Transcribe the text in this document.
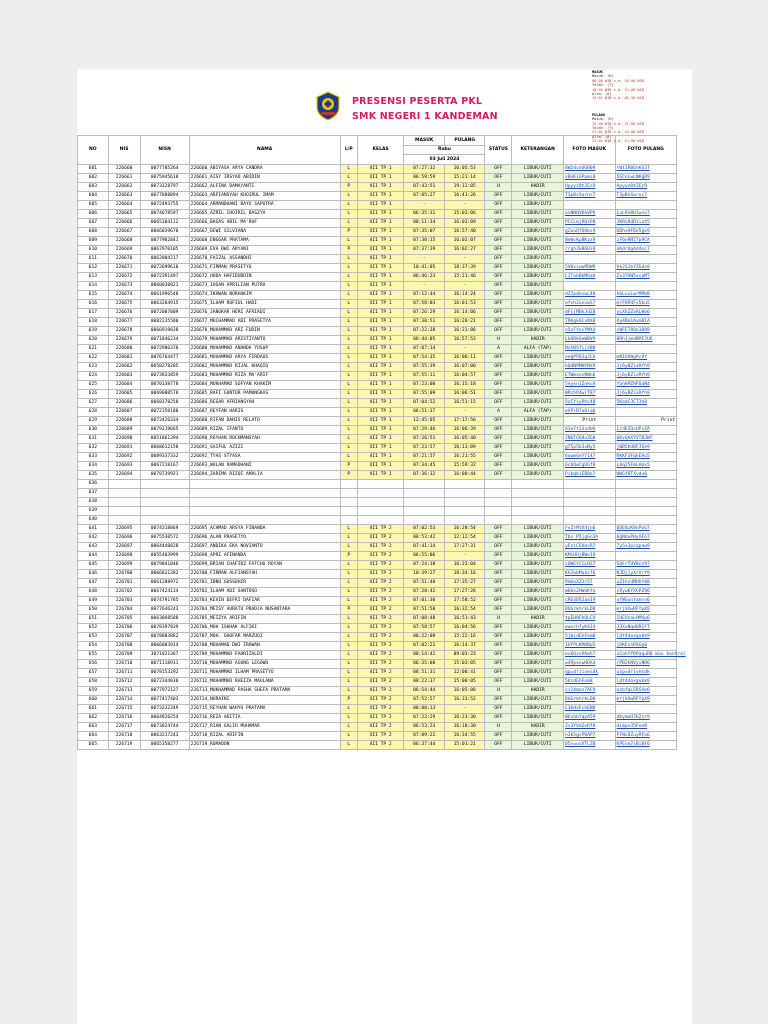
PRESENSI PESERTA PKL
SMK NEGERI 1 KANDEMAN
NO	NIS	NISN	NAMA	L/P	KELAS	MASUK	PULANG	STATUS	KETERANGAN	FOTO MASUK	FOTO PULANG
						Rabu					
						03 Juli 2024					
601	226660	0077785264	226660_ABIYASA ARYA CANDRA	L	XII TP 1	07:27:32	16:05:53	OFF	LIBUR/CUTI	8W2dceUGH09	rWt1R0GnKS3T
602	226661	0075945618	226661_AISY IRSYAD ABIDIN	L	XII TP 1	06:59:59	15:21:14	OFF	LIBUR/CUTI	xBeKi6Ppms0	5GCnLwLNKgR9
603	226662	0073328797	226662_ALFINA DAMAYANTI	P	XII TP 1	07:43:51	19:12:05	H	HADIR	Hpyyz8t2Ec9	Hpyyz8t2Ec9
604	226663	0077888894	226663_ARFIANSYAH KHOIRUL IMAM	L	XII TP 1	07:05:27	16:41:26	OFF	LIBUR/CUTI	T3pBzSornc7	T3pBzSornc7
605	226664	0072493755	226664_ARMANDHANI BAYU SAPUTRA	L	XII TP 1	-	-	OFF	LIBUR/CUTI		
606	226665	0074678597	226665_AZRIL CHOIRIL BASZYA	L	XII TP 1	06:35:31	15:03:06	OFF	LIBUR/CUTI	xvNNQVDkVP9	LuLRnBU1wvo7
607	226666	0065384112	226666_BAGAS ABIL MA'RUF	L	XII TP 1	08:11:34	16:03:09	OFF	LIBUR/CUTI	PCCLmjRQsP8	JKRsRdD1iut5
608	226667	0066039670	226667_DEWI SILVIANA	P	XII TP 1	07:35:07	16:57:40	OFF	LIBUR/CUTI	gZuuQfQUbs9	DDhvHFBe5gv9
609	226668	0077902841	226668_ENGGAR PRATAMA	L	XII TP 1	07:30:15	16:02:07	OFF	LIBUR/CUTI	WeWcKpBKzx9	zF6nRM27p9CA
610	226669	0067970105	226669_EVA DWI ARYANI	P	XII TP 1	07:37:39	16:02:27	OFF	LIBUR/CUTI	rrghJkBGHi8	nKdrUgAd4nc7
611	226670	0062004217	226670_FAIZAL ASSANDHI	L	XII TP 1	-	-	OFF	LIBUR/CUTI		
612	226671	0072699610	226671_FIRMAN PRASETYO	L	XII TP 1	10:41:05	18:37:39	OFF	LIBUR/CUTI	5V6xiwwPDW9	Vk2S1bfZGdz8
613	226672	0072391497	226672_HUDA HAFIDUDDIN	L	XII TP 1	06:46:23	15:21:46	OFF	LIBUR/CUTI	LJTobBbMGaA	Zx37UW5vsaM7
614	226673	0060038821	226673_IHSAN APRILIAN PUTRA	L	XII TP 1	-	-	OFF	LIBUR/CUTI		
615	226674	0061996540	226674_IKHWAN NORHAKIM	L	XII TP 1	07:12:44	16:14:24	OFF	LIBUR/CUTI	dZ2pdocwL48	hbLuuiwrMRU8
616	226675	0063264915	226675_ILHAM ROFIUL HADI	L	XII TP 1	07:58:03	16:01:53	OFF	LIBUR/CUTI	afvh2uxxwS7	mrF894Fx5bu5
617	226676	0072007009	226676_JANGKAR HERI AFRIADI	L	XII TP 1	07:26:29	16:14:06	OFF	LIBUR/CUTI	dFcjMBkJd28	yLXhZZoALWo6
618	226677	0082235580	226677_MOCHAMMAD ADI PRASETYA	L	XII TP 1	07:30:51	16:20:21	OFF	LIBUR/CUTI	TRKgk6CvNX8	Xu4Rm1AxmB1A
619	226678	0066919838	226678_MUHAMMAD ARI FUDIN	L	XII TP 1	07:22:38	16:21:06	OFF	LIBUR/CUTI	e5zFYeiYMX4	cWFF78Qo1B89
620	226679	0071846234	226679_MUHAMMAD ARISTIYANTO	L	XII TP 1	06:44:05	16:57:53	H	HADIR	LbARkGeWBV9	BRh1jmdBMFJU6
621	226680	0072986370	226680_MUHAMMAD ANANDA YUSUP	L	XII TP 1	07:07:14	-	A	ALFA (TAP)	NzhBSfijzB8	
622	226681	0076764477	226681_MUHAMMAD ARYA FIRDAUS	L	XII TP 1	07:54:35	16:06:11	OFF	LIBUR/CUTI	eeqPF8JqJCA	mN1bhWgAc8Y
623	226682	0058278205	226682_MUHAMMAD RIJAL KHAQIQ	L	XII TP 1	07:55:39	16:07:00	OFF	LIBUR/CUTI	bQdN9MHFNX9	Jj6yBZixRfh9
624	226683	0073833859	226683_MUHAMMAD RIZA MA'ARIF	L	XII TP 1	07:55:11	16:04:57	OFF	LIBUR/CUTI	ETWmxxsNNn6	Jj6yBZixRfh9
625	226684	0070138778	226684_MUKHAMAD SOFYAN KHAKIM	L	XII TP 1	07:23:00	16:15:18	OFF	LIBUR/CUTI	5eyxn1ZnkcA	YonkMZHFQaN4
626	226685	0069080578	226685_RAFI GUNTUR PAMUNGKAS	L	XII TP 1	07:55:09	16:06:51	OFF	LIBUR/CUTI	WRzhP4wiT87	Jj6yBZixRfh9
627	226686	0068378258	226686_REGAR AFRIANSYAH	L	XII TP 1	07:04:52	16:51:15	OFF	LIBUR/CUTI	5xCYiyPhc48	5KodC3CT3h8
628	226687	0072150180	226687_REYFAN HARIS	L	XII TP 1	06:51:37	-	A	ALFA (TAP)	eVPiB7a6iqb	
629	226688	0073426334	226688_RIFAN DANIS RELATO	L	XII TP 1	12:45:05	17:17:56	OFF	LIBUR/CUTI	Print	Print
630	226689	0079219665	226689_RIZAL IFANTO	L	XII TP 1	07:29:46	16:06:39	OFF	LIBUR/CUTI	X1e7t33sdUA	IrdEZQcUPsZA
631	226690	0051861394	226690_ROYHAN ROCHMANSYAH	L	XII TP 1	07:26:51	16:05:40	OFF	LIBUR/CUTI	JN6TGG9vZG8	bKvQAXYVTBJW7
632	226691	0068612158	226691_SAIFUL AZIZI	L	XII TP 1	07:23:57	16:13:09	OFF	LIBUR/CUTI	g75p5b3uNy5	jWB5hUBFJGk9
633	226692	0089337332	226692_TYAS STYASA	L	XII TP 1	07:21:57	16:21:55	OFF	LIBUR/CUTI	6uwmGeYY147	RKKF3FqhEAu5
634	226693	0067218167	226693_WULAN RAMADHANI	P	XII TP 1	07:34:45	15:59:32	OFF	LIBUR/CUTI	6cbQwCgUGf8	L8q25FmLAUx5
635	226694	0078739921	226694_ZARIMA RIZQI AMALIA	P	XII TP 1	07:36:32	16:00:44	OFF	LIBUR/CUTI	PibqkiEBQo7	WWGfBTXvdx6
636											
637											
638											
639											
640											
641	226695	0074318869	226695_ACHMAD ARSYA FINANDA	L	XII TP 2	07:02:53	16:28:54	OFF	LIBUR/CUTI	FvZrMtX4jn6	bDE8zK8nPoG7
642	226696	0075530572	226696_ALAN PRASETYO	L	XII TP 2	08:53:42	12:12:54	OFF	LIBUR/CUTI	Tbs P5jgGn3A	6qNduPUyXFo7
643	226697	0064440828	226697_ANDIKA EKA NOVIANTO	L	XII TP 2	07:41:14	17:27:31	OFF	LIBUR/CUTI	yFziCEHacR7	7y5s3pcqpaw9
644	226698	0055403999	226698_APRI AFINANDA	P	XII TP 2	06:55:06	-	OFF	LIBUR/CUTI	KMiUUjBWx19	
645	226699	0079841046	226699_BRIAN CHAFIDZ FATCHU ROYAN	L	XII TP 2	07:24:18	16:23:04	OFF	LIBUR/CUTI	sUWEYCCLRZ7	SQFrTUVBcz97
646	226700	0066831382	226700_FIRMAN ALFIANSYAH	L	XII TP 2	10:39:27	18:34:16	OFF	LIBUR/CUTI	Kh2wbMuasf6	NJDjjyXrVrY9
647	226701	0061288972	226701_IBNU GUSSOHIR	L	XII TP 2	07:51:48	17:35:27	OFF	LIBUR/CUTI	9mUaXZ1r57	uZ1hcdMHht88
648	226702	0067424134	226702_ILHAM ADI SANTOSO	L	XII TP 2	07:28:42	17:27:26	OFF	LIBUR/CUTI	m6be2HWaKfo	c9yw6YXGPZ96
649	226703	0074791785	226703_KEVIN DEFRI DAFIAR	L	XII TP 2	07:01:30	17:58:52	OFF	LIBUR/CUTI	cR63DS2ao19	xfWGunYamrn6
650	226704	0077646243	226704_MEISY AURATU PRADJA NUSANTARA	P	XII TP 2	07:51:50	16:32:54	OFF	LIBUR/CUTI	DUGrkhrkLD8	mrjVXwRFYpX9
651	226705	0063868508	226705_MEIZYA ARIFIN	L	XII TP 2	07:08:48	16:51:43	H	HADIR	tpEH8FhQLC9	IHEUsoLHMXp6
652	226706	0078397839	226706_MOH ISKHAK ALFIKI	L	XII TP 2	07:58:57	16:04:56	OFF	LIBUR/CUTI	ewerh7yK4J4	33XvNqdQRCF7
653	226707	0078883882	226707_MOH. GHOFAR MARZUQI	L	XII TP 2	08:22:08	15:22:16	OFF	LIBUR/CUTI	5jbidEhFom8	ldf44oxgubk9
654	226708	0066083914	226708_MOHAMAD DWI IRAWAN	L	XII TP 2	07:02:21	16:14:37	OFF	LIBUR/CUTI	1UfPLKMUBp5	jDKEcoRXGp8
655	226709	3071021367	226709_MOHAMMAD FAHRIZALDI	L	XII TP 2	08:14:42	09:03:23	OFF	LIBUR/CUTI	es6QzvPAoh7	uCohYYDPaquR8 mau kontrol
656	226710	0071118911	226710_MOHAMMAD AGUNG LEGOWO	L	XII TP 2	06:35:08	15:03:05	OFF	LIBUR/CUTI	w49pxxwHDX4	rPB2kNVyiNR6
657	226711	0078153292	226711_MOHAMMAD ILHAM PRASETYO	L	XII TP 2	08:51:31	12:08:41	OFF	LIBUR/CUTI	qp=driivesdk	usp=drivesdk
658	226712	0072344030	226712_MOHAMMAD RHEIZA MAULANA	L	XII TP 2	08:22:37	15:00:05	OFF	LIBUR/CUTI	5bidEhFom8	ldf44oxgubk9
659	226713	0077972137	226713_MUKHAMMAD PASHA SHEFA PRATAMA	L	XII TP 2	06:54:44	16:05:08	H	HADIR	ci24mez7AF9	ozbfqLSRS4e6
660	226714	0077417403	226714_NURAINI	P	XII TP 2	07:52:57	16:33:52	OFF	LIBUR/CUTI	DUGrkhrkLD8	mrjVXwRFYpX9
661	226715	0073232349	226715_REYHAN WAHYU PRATAMA	L	XII TP 2	08:00:13	-	OFF	LIBUR/CUTI	C3bdvFchEN8	
662	226716	0064826254	226716_REZA ADITIA	L	XII TP 2	07:23:29	16:23:30	OFF	LIBUR/CUTI	W6sbbYqpA59	dbymoH7b2zr9
663	226717	0073824744	226717_RIAN GALIH MUHAMAR	L	XII TP 2	06:53:23	16:18:30	H	HADIR	Zv3YVm2eRf8	dLmpv35Fee8
664	226718	0063217243	226718_RIZAL ARIFIN	L	XII TP 2	07:09:22	16:34:55	OFF	LIBUR/CUTI	n3k5gcP6AP7	FFNs8ZuyRFo6
665	226719	0065358277	226719_ROMADON	L	XII TP 2	06:37:44	15:01:21	OFF	LIBUR/CUTI	D5vuusVTLZ8	KPEsm7sBiBY6
MASUK
Masuk: (H)
06.00 WIB s.d. 10.00 WIB
Telat: (T)
10.01 WIB s.d. 12.00 WIB
Alfa: (A)
12.01 WIB s.d. 05.59 WIB
PULANG
Masuk: (H)
13.00 WIB s.d. 21.00 WIB
Telat: (T)
21.01 WIB s.d. 24.00 WIB
Alfa: (A)
24.01 WIB s.d. 12.00 WIB
